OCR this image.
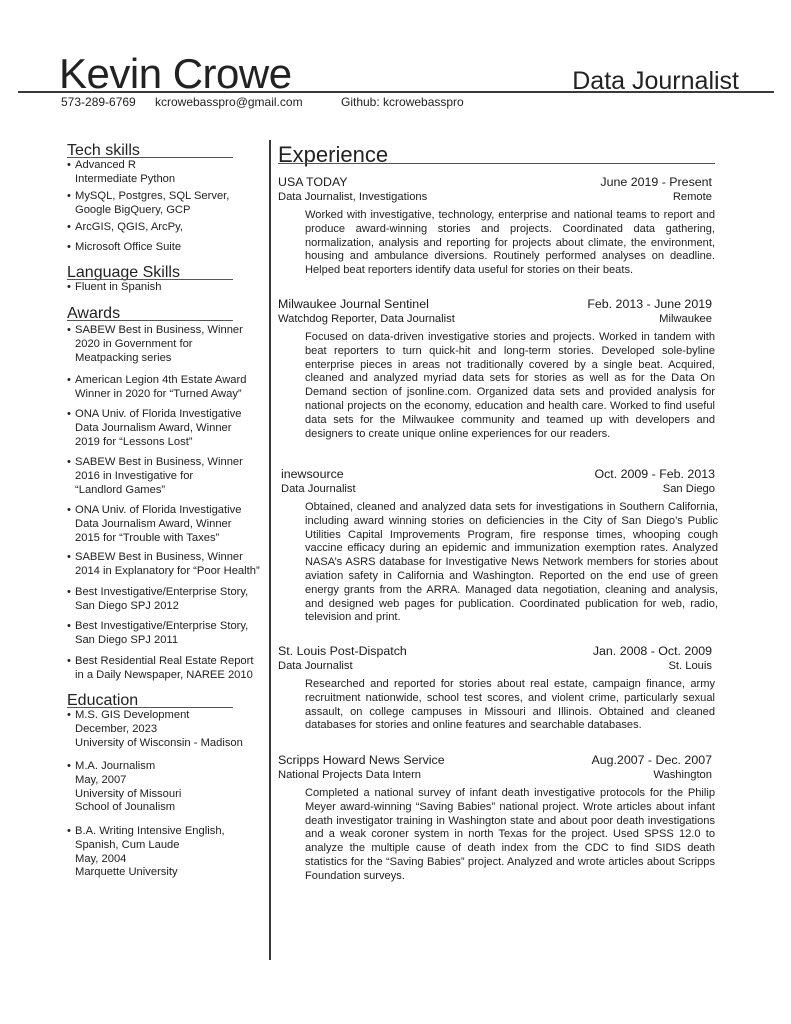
Kevin Crowe	Data Journalist
573-289-6769 kcrowebasspro@gmail.com	Github: kcrowebasspro
Tech skills
• Advanced R
Intermediate Python
• MySQL, Postgres, SQL Server,
Google BigQuery, GCP
• ArcGIS, QGIS, ArcPy,
• Microsoft Office Suite
Language Skills
• Fluent in Spanish
Awards
• SABEW Best in Business, Winner
2020 in Government for
Meatpacking series
• American Legion 4th Estate Award
Winner in 2020 for “Turned Away”
• ONA Univ. of Florida Investigative
Data Journalism Award, Winner
2019 for “Lessons Lost”
• SABEW Best in Business, Winner
2016 in Investigative for
“Landlord Games”
• ONA Univ. of Florida Investigative
Data Journalism Award, Winner
2015 for “Trouble with Taxes”
• SABEW Best in Business, Winner
2014 in Explanatory for “Poor Health”
• Best Investigative/Enterprise Story,
San Diego SPJ 2012
• Best Investigative/Enterprise Story,
San Diego SPJ 2011
• Best Residential Real Estate Report
in a Daily Newspaper, NAREE 2010
Education
• M.S. GIS Development
December, 2023
University of Wisconsin - Madison
• M.A. Journalism
May, 2007
University of Missouri
School of Jounalism
• B.A. Writing Intensive English,
Spanish, Cum Laude
May, 2004
Marquette University
Experience
USA TODAY	June 2019 - Present
Data Journalist, Investigations	Remote
Worked with investigative, technology, enterprise and national teams to report and produce award-winning stories and projects. Coordinated data gathering, normalization, analysis and reporting for projects about climate, the environment, housing and ambulance diversions. Routinely performed analyses on deadline. Helped beat reporters identify data useful for stories on their beats.
Milwaukee Journal Sentinel	Feb. 2013 - June 2019
Watchdog Reporter, Data Journalist	Milwaukee
Focused on data-driven investigative stories and projects. Worked in tandem with beat reporters to turn quick-hit and long-term stories. Developed sole-byline enterprise pieces in areas not traditionally covered by a single beat. Acquired, cleaned and analyzed myriad data sets for stories as well as for the Data On Demand section of jsonline.com. Organized data sets and provided analysis for national projects on the economy, education and health care. Worked to find useful data sets for the Milwaukee community and teamed up with developers and designers to create unique online experiences for our readers.
inewsource	Oct. 2009 - Feb. 2013
Data Journalist	San Diego
Obtained, cleaned and analyzed data sets for investigations in Southern California, including award winning stories on deficiencies in the City of San Diego’s Public Utilities Capital Improvements Program, fire response times, whooping cough vaccine efficacy during an epidemic and immunization exemption rates. Analyzed NASA’s ASRS database for Investigative News Network members for stories about aviation safety in California and Washington. Reported on the end use of green energy grants from the ARRA. Managed data negotiation, cleaning and analysis, and designed web pages for publication. Coordinated publication for web, radio, television and print.
St. Louis Post-Dispatch	Jan. 2008 - Oct. 2009
Data Journalist	St. Louis
Researched and reported for stories about real estate, campaign finance, army recruitment nationwide, school test scores, and violent crime, particularly sexual assault, on college campuses in Missouri and Illinois. Obtained and cleaned databases for stories and online features and searchable databases.
Scripps Howard News Service	Aug.2007 - Dec. 2007
National Projects Data Intern	Washington
Completed a national survey of infant death investigative protocols for the Philip Meyer award-winning “Saving Babies” national project. Wrote articles about infant death investigator training in Washington state and about poor death investigations and a weak coroner system in north Texas for the project. Used SPSS 12.0 to analyze the multiple cause of death index from the CDC to find SIDS death statistics for the “Saving Babies” project. Analyzed and wrote articles about Scripps Foundation surveys.
